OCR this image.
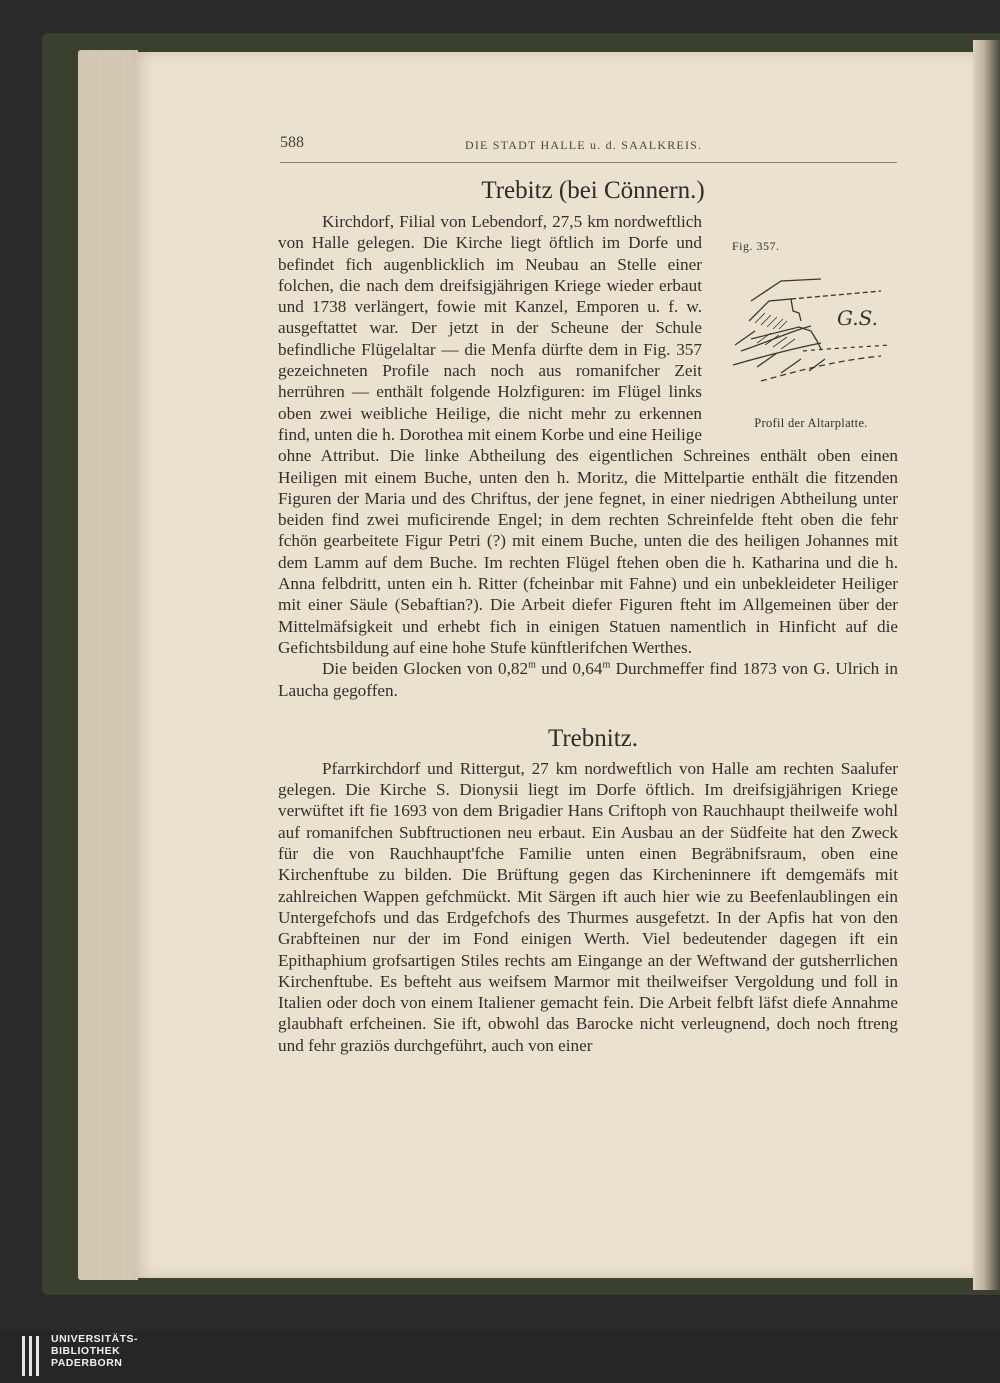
588	DIE STADT HALLE u. d. SAALKREIS.
Trebitz (bei Cönnern.)
Fig. 357.
G.S.
Profil der Altarplatte.

Kirchdorf, Filial von Lebendorf, 27,5 km nordweftlich von Halle gelegen. Die Kirche liegt öftlich im Dorfe und befindet fich augenblicklich im Neubau an Stelle einer folchen, die nach dem dreifsigjährigen Kriege wieder erbaut und 1738 verlängert, fowie mit Kanzel, Emporen u. f. w. ausgeftattet war. Der jetzt in der Scheune der Schule befindliche Flügelaltar — die Menfa dürfte dem in Fig. 357 gezeichneten Profile nach noch aus romanifcher Zeit herrühren — enthält folgende Holzfiguren: im Flügel links oben zwei weibliche Heilige, die nicht mehr zu erkennen find, unten die h. Dorothea mit einem Korbe und eine Heilige ohne Attribut. Die linke Abtheilung des eigentlichen Schreines enthält oben einen Heiligen mit einem Buche, unten den h. Moritz, die Mittelpartie enthält die fitzenden Figuren der Maria und des Chriftus, der jene fegnet, in einer niedrigen Abtheilung unter beiden find zwei muficirende Engel; in dem rechten Schreinfelde fteht oben die fehr fchön gearbeitete Figur Petri (?) mit einem Buche, unten die des heiligen Johannes mit dem Lamm auf dem Buche. Im rechten Flügel ftehen oben die h. Katharina und die h. Anna felbdritt, unten ein h. Ritter (fcheinbar mit Fahne) und ein unbekleideter Heiliger mit einer Säule (Sebaftian?). Die Arbeit diefer Figuren fteht im Allgemeinen über der Mittelmäfsigkeit und erhebt fich in einigen Statuen namentlich in Hinficht auf die Gefichtsbildung auf eine hohe Stufe künftlerifchen Werthes.

Die beiden Glocken von 0,82$^m$ und 0,64$^m$ Durchmeffer find 1873 von G. Ulrich in Laucha gegoffen.

Trebnitz.

Pfarrkirchdorf und Rittergut, 27 km nordweftlich von Halle am rechten Saalufer gelegen. Die Kirche S. Dionysii liegt im Dorfe öftlich. Im dreifsigjährigen Kriege verwüftet ift fie 1693 von dem Brigadier Hans Criftoph von Rauchhaupt theilweife wohl auf romanifchen Subftructionen neu erbaut. Ein Ausbau an der Südfeite hat den Zweck für die von Rauchhaupt'fche Familie unten einen Begräbnifsraum, oben eine Kirchenftube zu bilden. Die Brüftung gegen das Kircheninnere ift demgemäfs mit zahlreichen Wappen gefchmückt. Mit Särgen ift auch hier wie zu Beefenlaublingen ein Untergefchofs und das Erdgefchofs des Thurmes ausgefetzt. In der Apfis hat von den Grabfteinen nur der im Fond einigen Werth. Viel bedeutender dagegen ift ein Epithaphium grofsartigen Stiles rechts am Eingange an der Weftwand der gutsherrlichen Kirchenftube. Es befteht aus weifsem Marmor mit theilweifser Vergoldung und foll in Italien oder doch von einem Italiener gemacht fein. Die Arbeit felbft läfst diefe Annahme glaubhaft erfcheinen. Sie ift, obwohl das Barocke nicht verleugnend, doch noch ftreng und fehr graziös durchgeführt, auch von einer

UNIVERSITÄTS-
BIBLIOTHEK
PADERBORN
